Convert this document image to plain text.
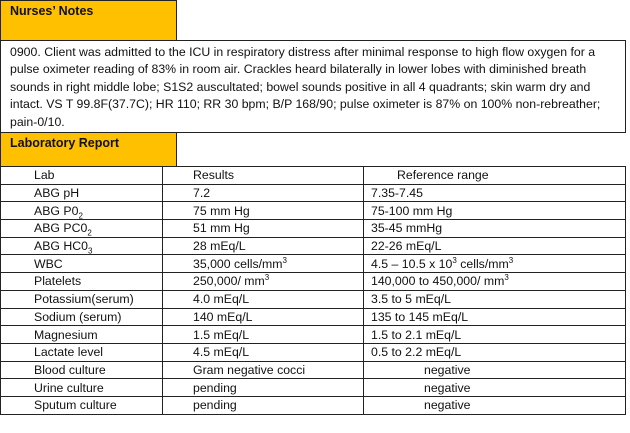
Nurses’ Notes
0900. Client was admitted to the ICU in respiratory distress after minimal response to high flow oxygen for a pulse oximeter reading of 83% in room air. Crackles heard bilaterally in lower lobes with diminished breath sounds in right middle lobe; S1S2 auscultated; bowel sounds positive in all 4 quadrants; skin warm dry and intact. VS T 99.8F(37.7C); HR 110; RR 30 bpm; B/P 168/90; pulse oximeter is 87% on 100% non-rebreather; pain-0/10.
Laboratory Report
Lab	Results	Reference range
ABG pH	7.2	7.35-7.45
ABG $P0_2$	75 mm Hg	75-100 mm Hg
ABG $PC0_2$	51 mm Hg	35-45 mmHg
ABG $HC0_3$	28 mEq/L	22-26 mEq/L
WBC	35,000 cells/$mm^3$	4.5 – 10.5 x $10^3$ cells/$mm^3$
Platelets	250,000/ $mm^3$	140,000 to 450,000/ $mm^3$
Potassium(serum)	4.0 mEq/L	3.5 to 5 mEq/L
Sodium (serum)	140 mEq/L	135 to 145 mEq/L
Magnesium	1.5 mEq/L	1.5 to 2.1 mEq/L
Lactate level	4.5 mEq/L	0.5 to 2.2 mEq/L
Blood culture	Gram negative cocci	negative
Urine culture	pending	negative
Sputum culture	pending	negative
